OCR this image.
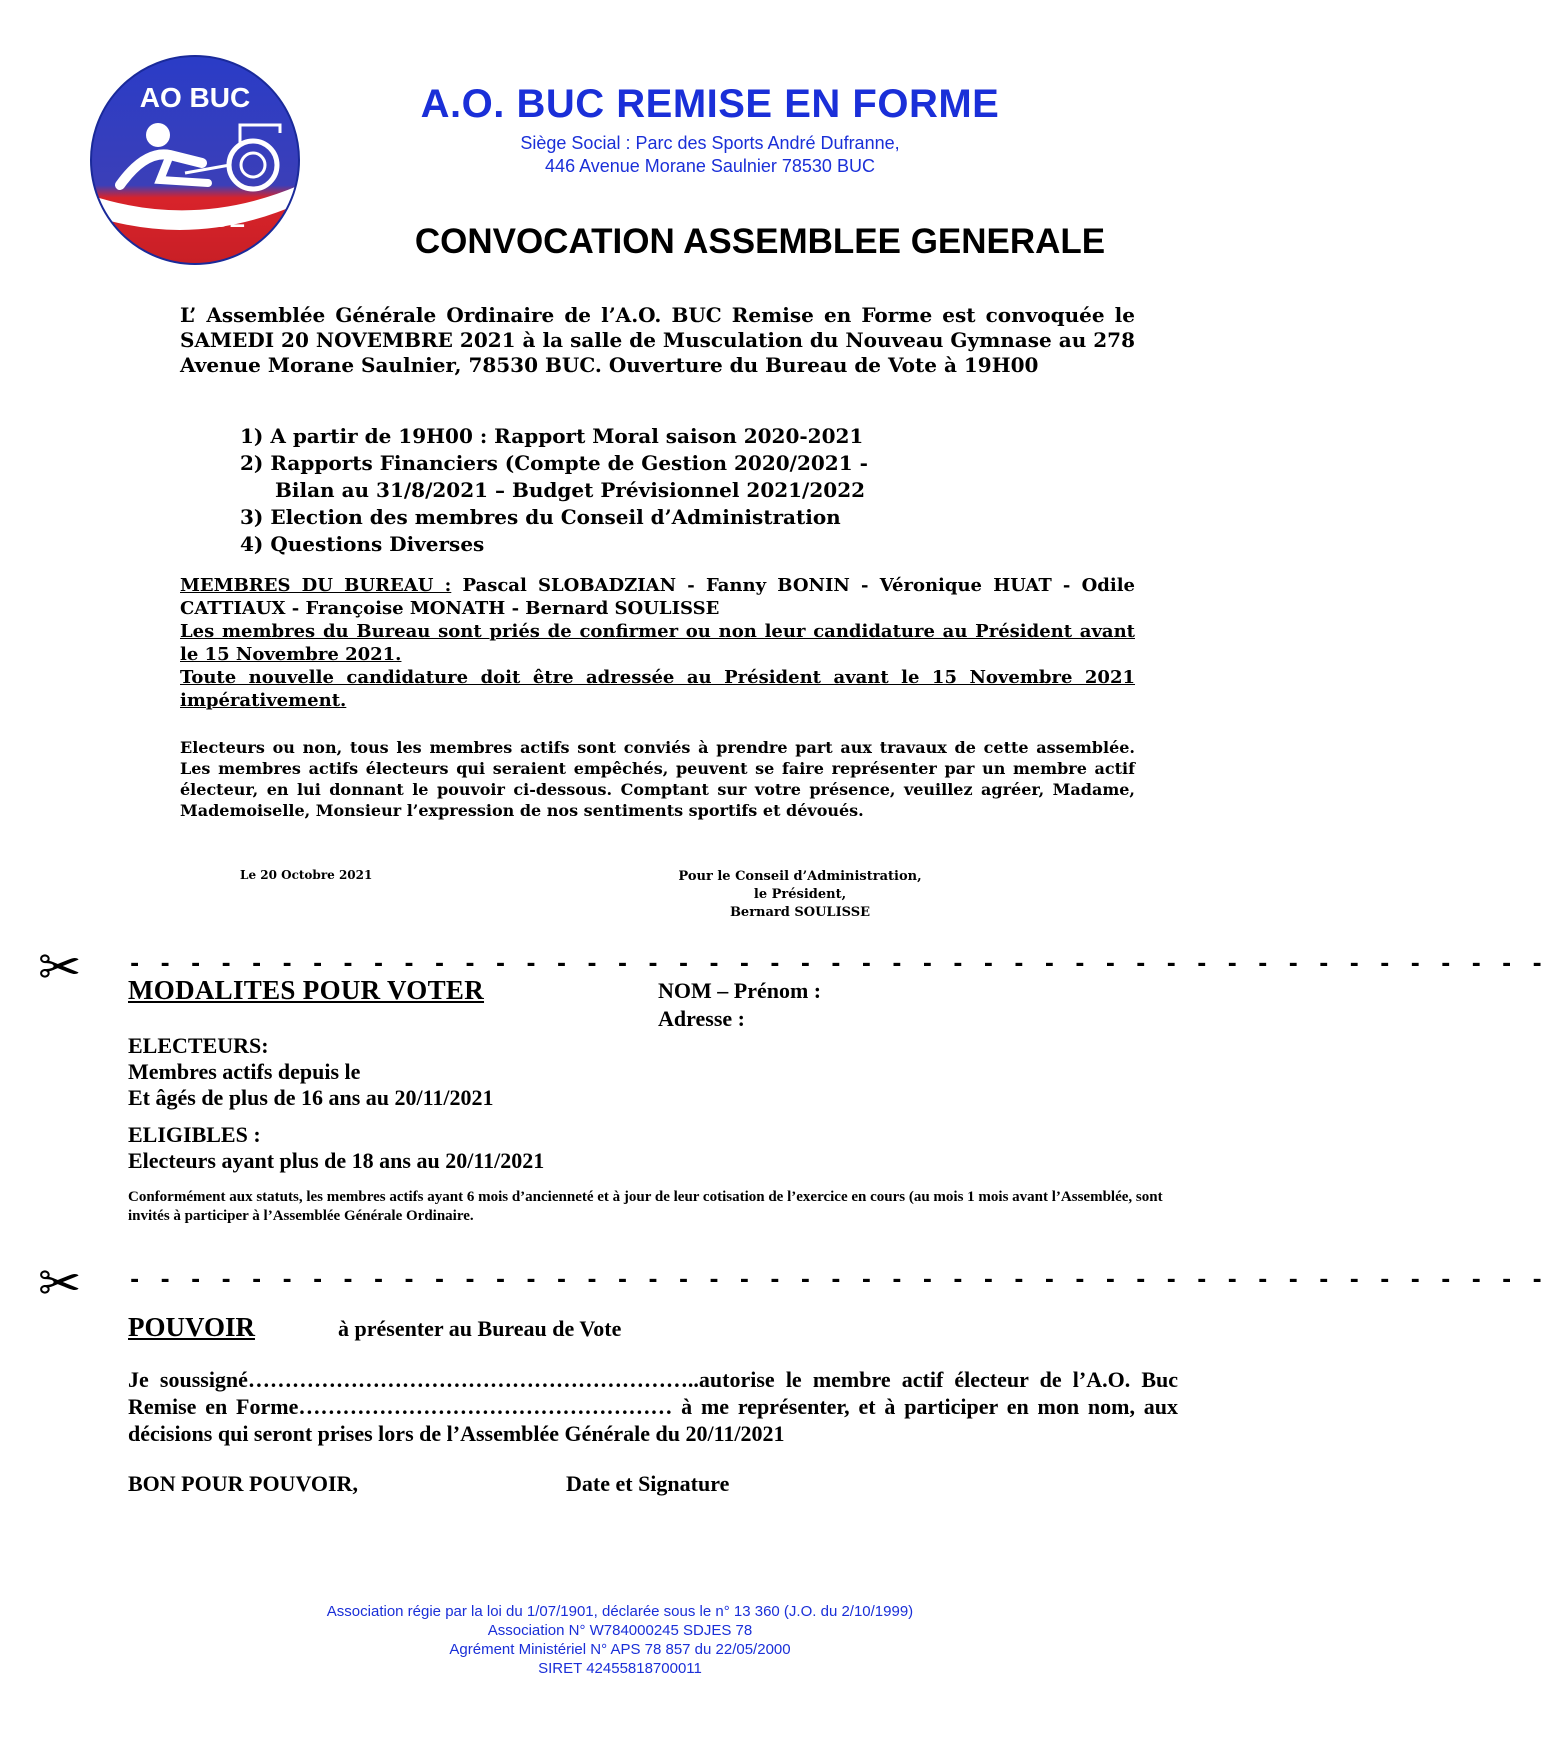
AO BUC
FRANCE
A.O. BUC REMISE EN FORME
Siège Social : Parc des Sports André Dufranne,
446 Avenue Morane Saulnier 78530 BUC
CONVOCATION ASSEMBLEE GENERALE
L’ Assemblée Générale Ordinaire de l’A.O. BUC Remise en Forme est convoquée le SAMEDI 20 NOVEMBRE 2021 à la salle de Musculation du Nouveau Gymnase au 278 Avenue Morane Saulnier, 78530 BUC. Ouverture du Bureau de Vote à 19H00
1) A partir de 19H00 : Rapport Moral saison 2020-2021
2) Rapports Financiers (Compte de Gestion 2020/2021 -
Bilan au 31/8/2021 – Budget Prévisionnel 2021/2022
3) Election des membres du Conseil d’Administration
4) Questions Diverses
MEMBRES DU BUREAU : Pascal SLOBADZIAN - Fanny BONIN - Véronique HUAT - Odile CATTIAUX - Françoise MONATH - Bernard SOULISSE
Les membres du Bureau sont priés de confirmer ou non leur candidature au Président avant le 15 Novembre 2021.
Toute nouvelle candidature doit être adressée au Président avant le 15 Novembre 2021 impérativement.
Electeurs ou non, tous les membres actifs sont conviés à prendre part aux travaux de cette assemblée. Les membres actifs électeurs qui seraient empêchés, peuvent se faire représenter par un membre actif électeur, en lui donnant le pouvoir ci-dessous. Comptant sur votre présence, veuillez agréer, Madame, Mademoiselle, Monsieur l’expression de nos sentiments sportifs et dévoués.
Le 20 Octobre 2021	Pour le Conseil d’Administration,
le Président,
Bernard SOULISSE
✂ - - - - - - - - - - - - - - - - - - - - - - - - - - - - - - - - - - - - - - - - - - - - - - -
MODALITES POUR VOTER	NOM – Prénom :
Adresse :
ELECTEURS:
Membres actifs depuis le
Et âgés de plus de 16 ans au 20/11/2021
ELIGIBLES :
Electeurs ayant plus de 18 ans au 20/11/2021
Conformément aux statuts, les membres actifs ayant 6 mois d’ancienneté et à jour de leur cotisation de l’exercice en cours (au mois 1 mois avant l’Assemblée, sont invités à participer à l’Assemblée Générale Ordinaire.
✂ - - - - - - - - - - - - - - - - - - - - - - - - - - - - - - - - - - - - - - - - - - - - - - -
POUVOIR	à présenter au Bureau de Vote
Je soussigné……………………………………………………..autorise le membre actif électeur de l’A.O. Buc Remise en Forme…………………………………………… à me représenter, et à participer en mon nom, aux décisions qui seront prises lors de l’Assemblée Générale du 20/11/2021
BON POUR POUVOIR,	Date et Signature
Association régie par la loi du 1/07/1901, déclarée sous le n° 13 360 (J.O. du 2/10/1999)
Association N° W784000245 SDJES 78
Agrément Ministériel N° APS 78 857 du 22/05/2000
SIRET 42455818700011
